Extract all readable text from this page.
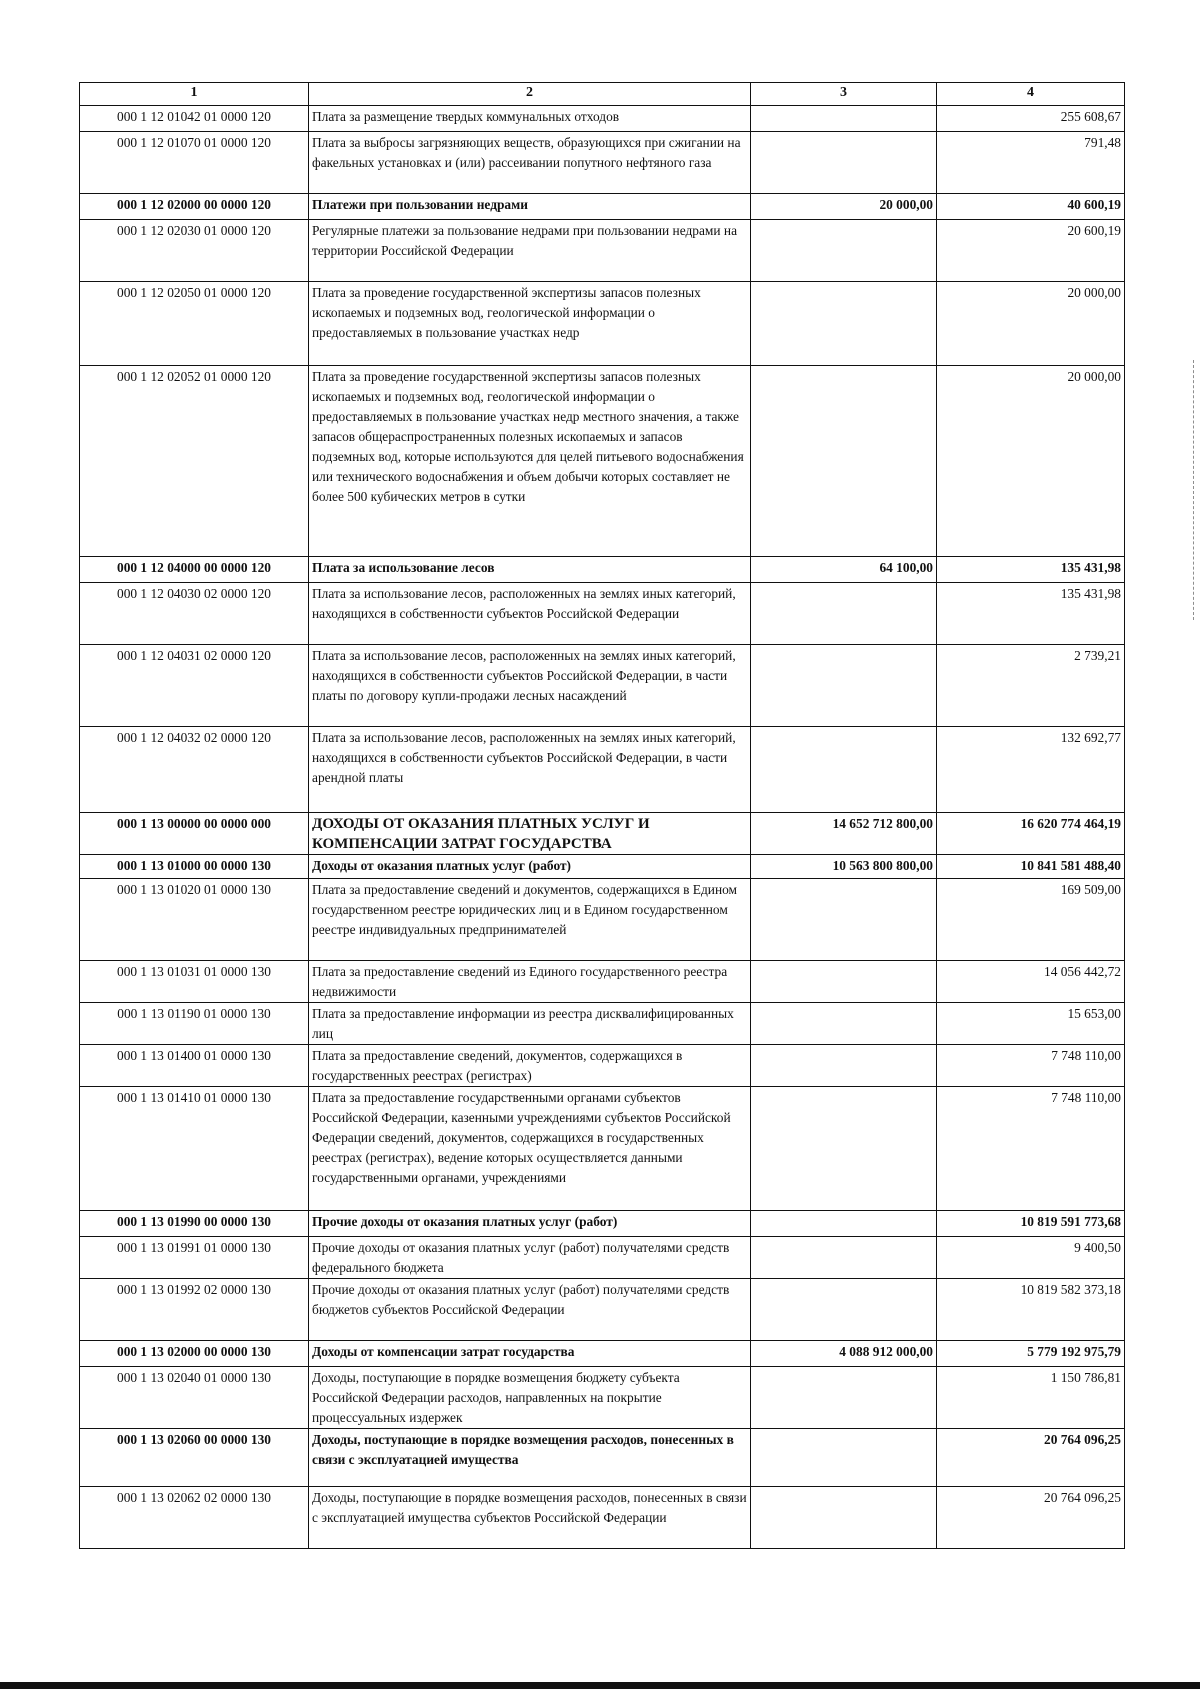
1	2	3	4
000 1 12 01042 01 0000 120	Плата за размещение твердых коммунальных отходов		255 608,67
000 1 12 01070 01 0000 120	Плата за выбросы загрязняющих веществ, образующихся при сжигании на факельных установках и (или) рассеивании попутного нефтяного газа		791,48
000 1 12 02000 00 0000 120	Платежи при пользовании недрами	20 000,00	40 600,19
000 1 12 02030 01 0000 120	Регулярные платежи за пользование недрами при пользовании недрами на территории Российской Федерации		20 600,19
000 1 12 02050 01 0000 120	Плата за проведение государственной экспертизы запасов полезных ископаемых и подземных вод, геологической информации о предоставляемых в пользование участках недр		20 000,00
000 1 12 02052 01 0000 120	Плата за проведение государственной экспертизы запасов полезных ископаемых и подземных вод, геологической информации о предоставляемых в пользование участках недр местного значения, а также запасов общераспространенных полезных ископаемых и запасов подземных вод, которые используются для целей питьевого водоснабжения или технического водоснабжения и объем добычи которых составляет не более 500 кубических метров в сутки		20 000,00
000 1 12 04000 00 0000 120	Плата за использование лесов	64 100,00	135 431,98
000 1 12 04030 02 0000 120	Плата за использование лесов, расположенных на землях иных категорий, находящихся в собственности субъектов Российской Федерации		135 431,98
000 1 12 04031 02 0000 120	Плата за использование лесов, расположенных на землях иных категорий, находящихся в собственности субъектов Российской Федерации, в части платы по договору купли-продажи лесных насаждений		2 739,21
000 1 12 04032 02 0000 120	Плата за использование лесов, расположенных на землях иных категорий, находящихся в собственности субъектов Российской Федерации, в части арендной платы		132 692,77
000 1 13 00000 00 0000 000	ДОХОДЫ ОТ ОКАЗАНИЯ ПЛАТНЫХ УСЛУГ И КОМПЕНСАЦИИ ЗАТРАТ ГОСУДАРСТВА	14 652 712 800,00	16 620 774 464,19
000 1 13 01000 00 0000 130	Доходы от оказания платных услуг (работ)	10 563 800 800,00	10 841 581 488,40
000 1 13 01020 01 0000 130	Плата за предоставление сведений и документов, содержащихся в Едином государственном реестре юридических лиц и в Едином государственном реестре индивидуальных предпринимателей		169 509,00
000 1 13 01031 01 0000 130	Плата за предоставление сведений из Единого государственного реестра недвижимости		14 056 442,72
000 1 13 01190 01 0000 130	Плата за предоставление информации из реестра дисквалифицированных лиц		15 653,00
000 1 13 01400 01 0000 130	Плата за предоставление сведений, документов, содержащихся в государственных реестрах (регистрах)		7 748 110,00
000 1 13 01410 01 0000 130	Плата за предоставление государственными органами субъектов Российской Федерации, казенными учреждениями субъектов Российской Федерации сведений, документов, содержащихся в государственных реестрах (регистрах), ведение которых осуществляется данными государственными органами, учреждениями		7 748 110,00
000 1 13 01990 00 0000 130	Прочие доходы от оказания платных услуг (работ)		10 819 591 773,68
000 1 13 01991 01 0000 130	Прочие доходы от оказания платных услуг (работ) получателями средств федерального бюджета		9 400,50
000 1 13 01992 02 0000 130	Прочие доходы от оказания платных услуг (работ) получателями средств бюджетов субъектов Российской Федерации		10 819 582 373,18
000 1 13 02000 00 0000 130	Доходы от компенсации затрат государства	4 088 912 000,00	5 779 192 975,79
000 1 13 02040 01 0000 130	Доходы, поступающие в порядке возмещения бюджету субъекта Российской Федерации расходов, направленных на покрытие процессуальных издержек		1 150 786,81
000 1 13 02060 00 0000 130	Доходы, поступающие в порядке возмещения расходов, понесенных в связи с эксплуатацией имущества		20 764 096,25
000 1 13 02062 02 0000 130	Доходы, поступающие в порядке возмещения расходов, понесенных в связи с эксплуатацией имущества субъектов Российской Федерации		20 764 096,25
